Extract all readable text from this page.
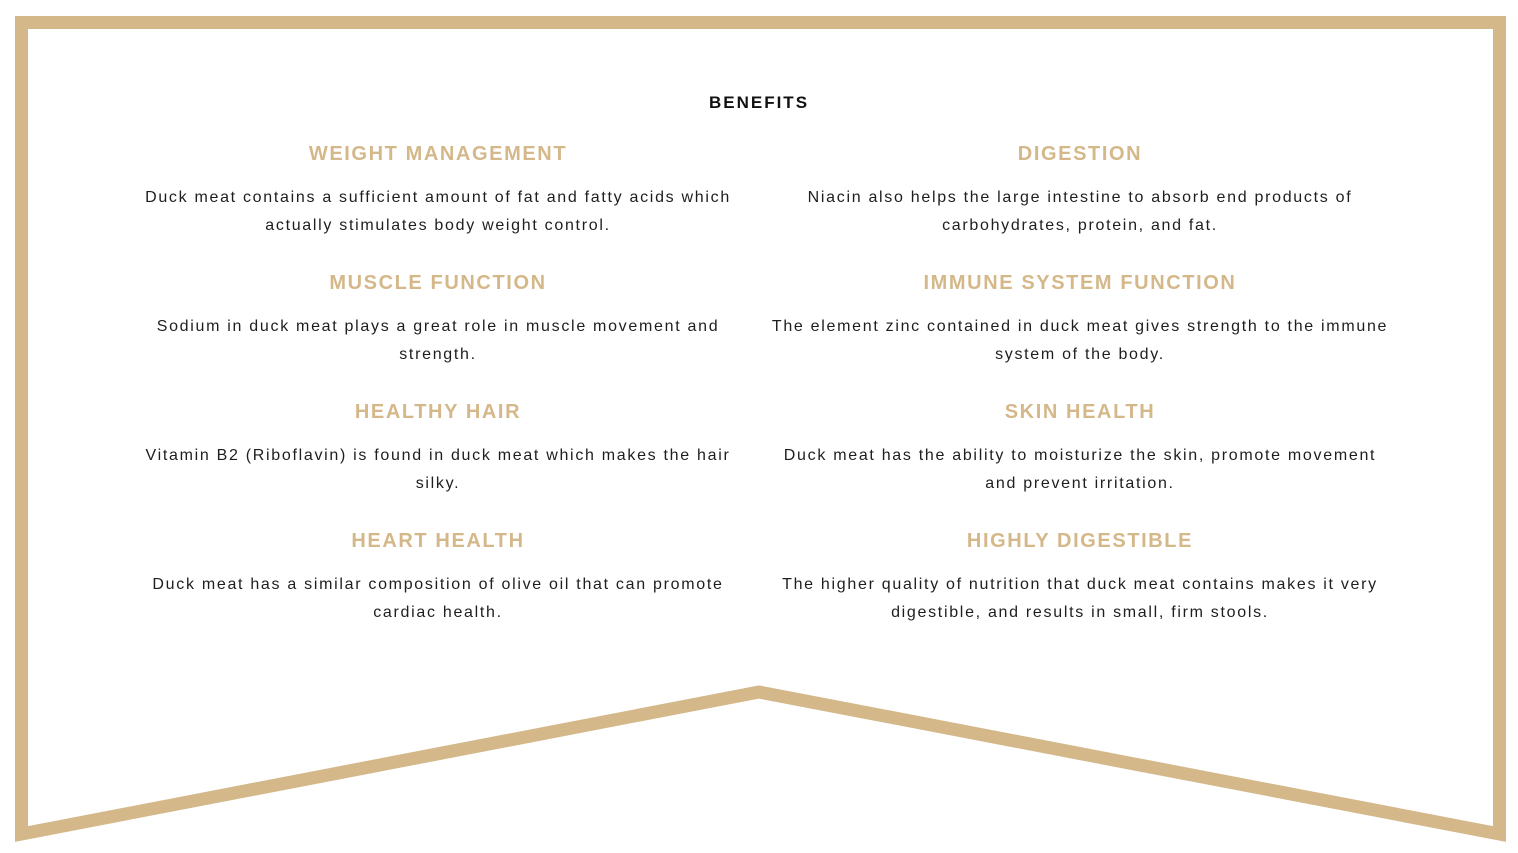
BENEFITS
WEIGHT MANAGEMENT

Duck meat contains a sufficient amount of fat and fatty acids which actually stimulates body weight control.

DIGESTION

Niacin also helps the large intestine to absorb end products of carbohydrates, protein, and fat.

MUSCLE FUNCTION

Sodium in duck meat plays a great role in muscle movement and strength.

IMMUNE SYSTEM FUNCTION

The element zinc contained in duck meat gives strength to the immune system of the body.

HEALTHY HAIR

Vitamin B2 (Riboflavin) is found in duck meat which makes the hair silky.

SKIN HEALTH

Duck meat has the ability to moisturize the skin, promote movement and prevent irritation.

HEART HEALTH

Duck meat has a similar composition of olive oil that can promote cardiac health.

HIGHLY DIGESTIBLE

The higher quality of nutrition that duck meat contains makes it very digestible, and results in small, firm stools.
